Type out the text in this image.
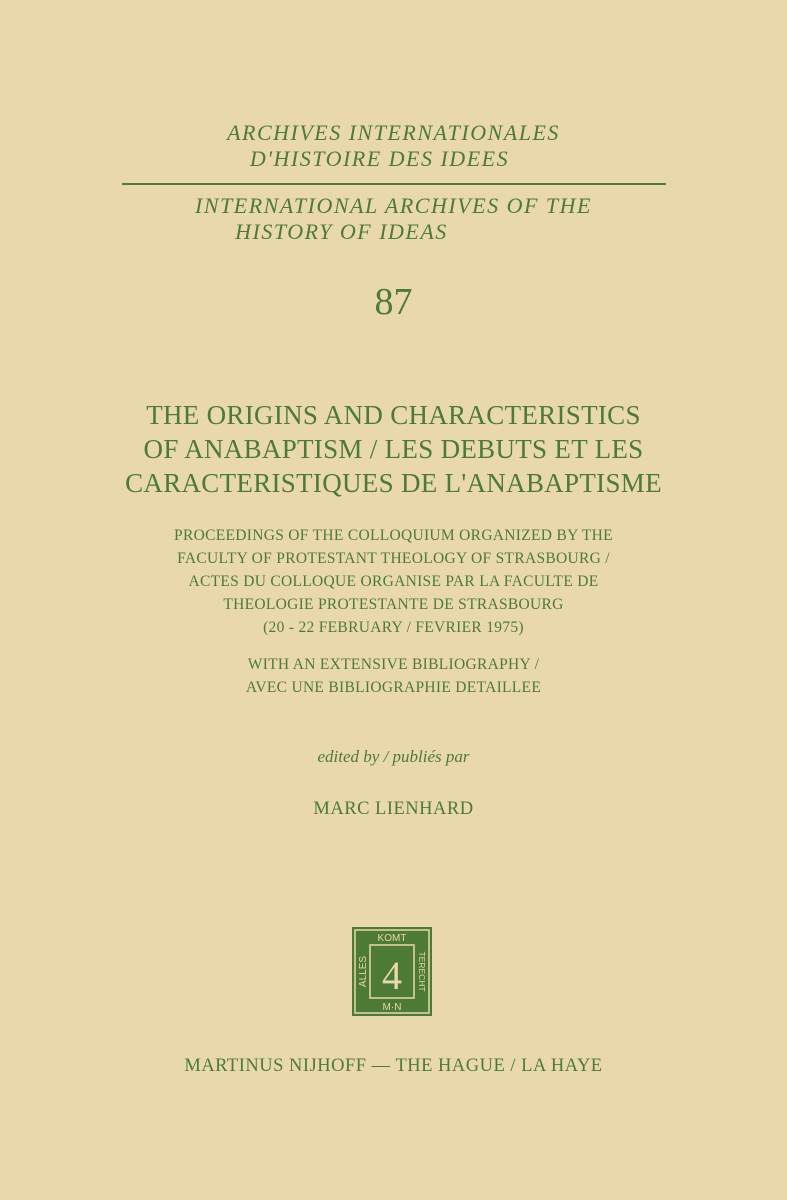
ARCHIVES INTERNATIONALES
D'HISTOIRE DES IDEES
INTERNATIONAL ARCHIVES OF THE
HISTORY OF IDEAS
87
THE ORIGINS AND CHARACTERISTICS
OF ANABAPTISM / LES DEBUTS ET LES
CARACTERISTIQUES DE L'ANABAPTISME
PROCEEDINGS OF THE COLLOQUIUM ORGANIZED BY THE
FACULTY OF PROTESTANT THEOLOGY OF STRASBOURG /
ACTES DU COLLOQUE ORGANISE PAR LA FACULTE DE
THEOLOGIE PROTESTANTE DE STRASBOURG
(20 - 22 FEBRUARY / FEVRIER 1975)
WITH AN EXTENSIVE BIBLIOGRAPHY /
AVEC UNE BIBLIOGRAPHIE DETAILLEE
edited by / publiés par
MARC LIENHARD
KOMT
M·N
ALLES	TERECHT
4
MARTINUS NIJHOFF — THE HAGUE / LA HAYE
